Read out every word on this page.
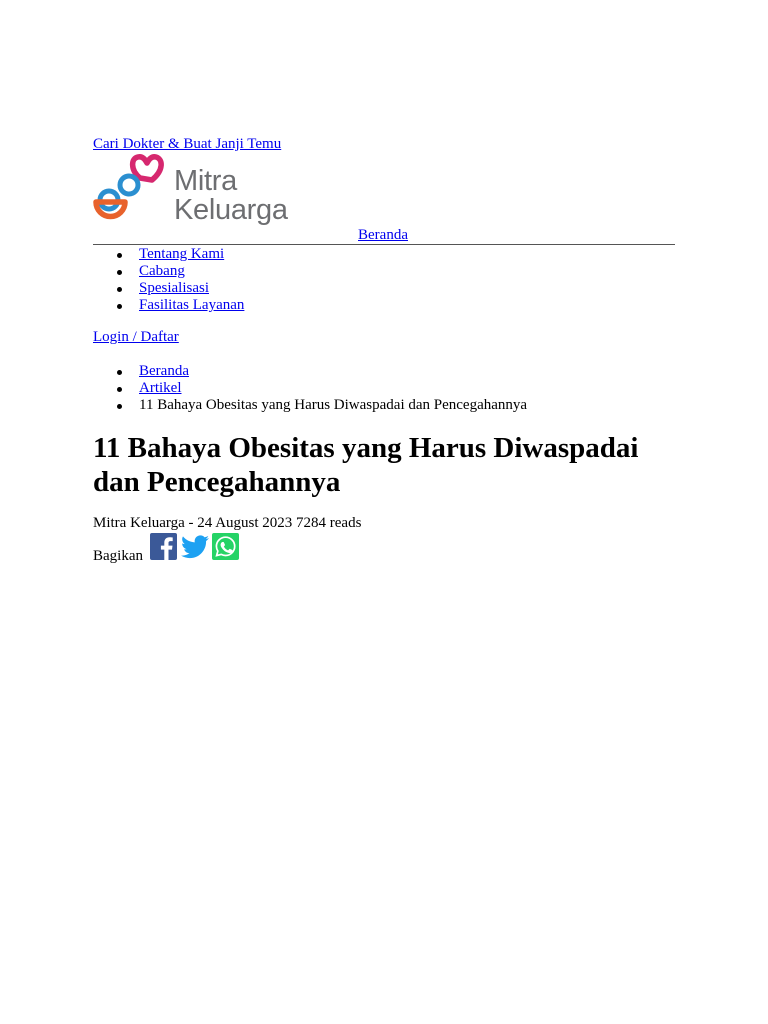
Cari Dokter & Buat Janji Temu
Mitra
Keluarga
Beranda
Tentang Kami
Cabang
Spesialisasi
Fasilitas Layanan
Login / Daftar
Beranda
Artikel
11 Bahaya Obesitas yang Harus Diwaspadai dan Pencegahannya
11 Bahaya Obesitas yang Harus Diwaspadai dan Pencegahannya
Mitra Keluarga - 24 August 2023 7284 reads
Bagikan
